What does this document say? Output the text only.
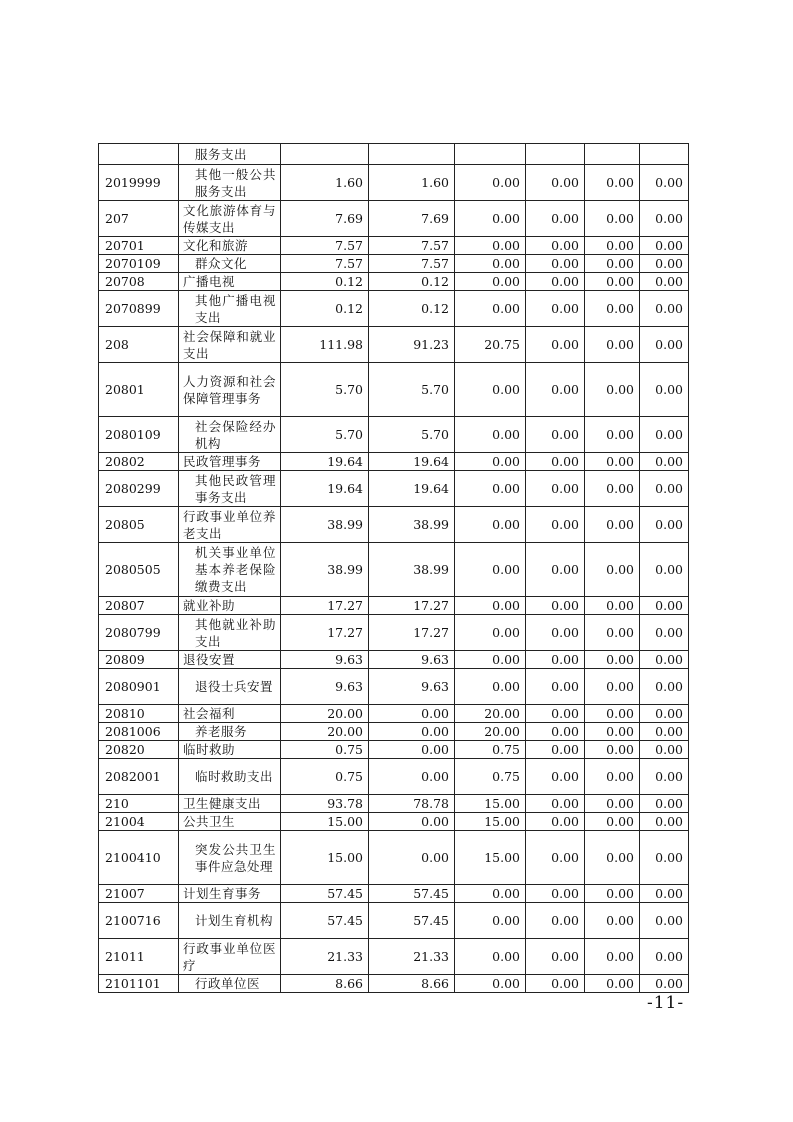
	服务支出						
2019999	其他一般公共服务支出	1.60	1.60	0.00	0.00	0.00	0.00
207	文化旅游体育与传媒支出	7.69	7.69	0.00	0.00	0.00	0.00
20701	文化和旅游	7.57	7.57	0.00	0.00	0.00	0.00
2070109	群众文化	7.57	7.57	0.00	0.00	0.00	0.00
20708	广播电视	0.12	0.12	0.00	0.00	0.00	0.00
2070899	其他广播电视支出	0.12	0.12	0.00	0.00	0.00	0.00
208	社会保障和就业支出	111.98	91.23	20.75	0.00	0.00	0.00
20801	人力资源和社会保障管理事务	5.70	5.70	0.00	0.00	0.00	0.00
2080109	社会保险经办机构	5.70	5.70	0.00	0.00	0.00	0.00
20802	民政管理事务	19.64	19.64	0.00	0.00	0.00	0.00
2080299	其他民政管理事务支出	19.64	19.64	0.00	0.00	0.00	0.00
20805	行政事业单位养老支出	38.99	38.99	0.00	0.00	0.00	0.00
2080505	机关事业单位基本养老保险缴费支出	38.99	38.99	0.00	0.00	0.00	0.00
20807	就业补助	17.27	17.27	0.00	0.00	0.00	0.00
2080799	其他就业补助支出	17.27	17.27	0.00	0.00	0.00	0.00
20809	退役安置	9.63	9.63	0.00	0.00	0.00	0.00
2080901	退役士兵安置	9.63	9.63	0.00	0.00	0.00	0.00
20810	社会福利	20.00	0.00	20.00	0.00	0.00	0.00
2081006	养老服务	20.00	0.00	20.00	0.00	0.00	0.00
20820	临时救助	0.75	0.00	0.75	0.00	0.00	0.00
2082001	临时救助支出	0.75	0.00	0.75	0.00	0.00	0.00
210	卫生健康支出	93.78	78.78	15.00	0.00	0.00	0.00
21004	公共卫生	15.00	0.00	15.00	0.00	0.00	0.00
2100410	突发公共卫生事件应急处理	15.00	0.00	15.00	0.00	0.00	0.00
21007	计划生育事务	57.45	57.45	0.00	0.00	0.00	0.00
2100716	计划生育机构	57.45	57.45	0.00	0.00	0.00	0.00
21011	行政事业单位医疗	21.33	21.33	0.00	0.00	0.00	0.00
2101101	行政单位医	8.66	8.66	0.00	0.00	0.00	0.00
-11-
